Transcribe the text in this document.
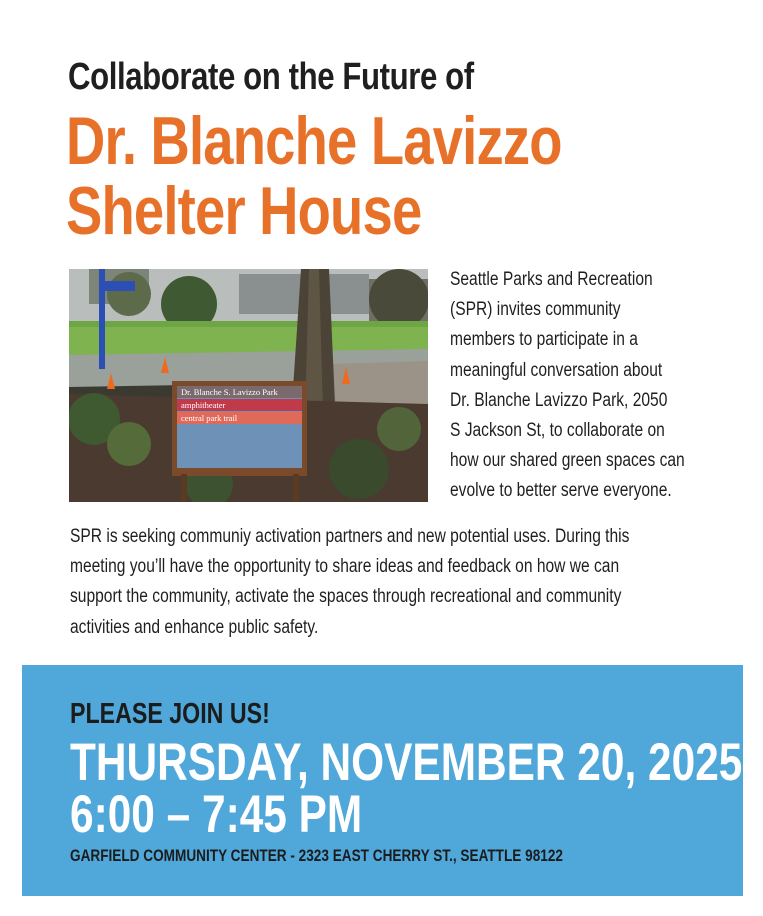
Collaborate on the Future of
Dr. Blanche Lavizzo
Shelter House
Dr. Blanche S. Lavizzo Park
amphitheater
central park trail
Seattle Parks and Recreation
(SPR) invites community
members to participate in a
meaningful conversation about
Dr. Blanche Lavizzo Park, 2050
S Jackson St, to collaborate on
how our shared green spaces can
evolve to better serve everyone.
SPR is seeking communiy activation partners and new potential uses. During this
meeting you’ll have the opportunity to share ideas and feedback on how we can
support the community, activate the spaces through recreational and community
activities and enhance public safety.
PLEASE JOIN US!
THURSDAY, NOVEMBER 20, 2025
6:00 – 7:45 PM
GARFIELD COMMUNITY CENTER - 2323 EAST CHERRY ST., SEATTLE 98122
